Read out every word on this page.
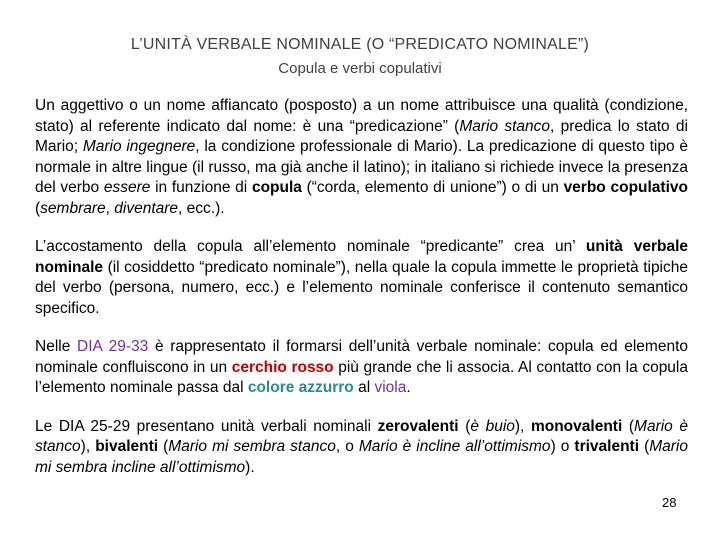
L’UNITÀ VERBALE NOMINALE (O “PREDICATO NOMINALE”)
Copula e verbi copulativi

Un aggettivo o un nome affiancato (posposto) a un nome attribuisce una qualità (condizione, stato) al referente indicato dal nome: è una “predicazione” (Mario stanco, predica lo stato di Mario; Mario ingegnere, la condizione professionale di Mario). La predicazione di questo tipo è normale in altre lingue (il russo, ma già anche il latino); in italiano si richiede invece la presenza del verbo essere in funzione di copula (“corda, elemento di unione”) o di un verbo copulativo (sembrare, diventare, ecc.).

L’accostamento della copula all’elemento nominale “predicante” crea un’ unità verbale nominale (il cosiddetto “predicato nominale”), nella quale la copula immette le proprietà tipiche del verbo (persona, numero, ecc.) e l’elemento nominale conferisce il contenuto semantico specifico.

Nelle DIA 29-33 è rappresentato il formarsi dell’unità verbale nominale: copula ed elemento nominale confluiscono in un cerchio rosso più grande che li associa. Al contatto con la copula l’elemento nominale passa dal colore azzurro al viola.

Le DIA 25-29 presentano unità verbali nominali zerovalenti (è buio), monovalenti (Mario è stanco), bivalenti (Mario mi sembra stanco, o Mario è incline all’ottimismo) o trivalenti (Mario mi sembra incline all’ottimismo).

28
